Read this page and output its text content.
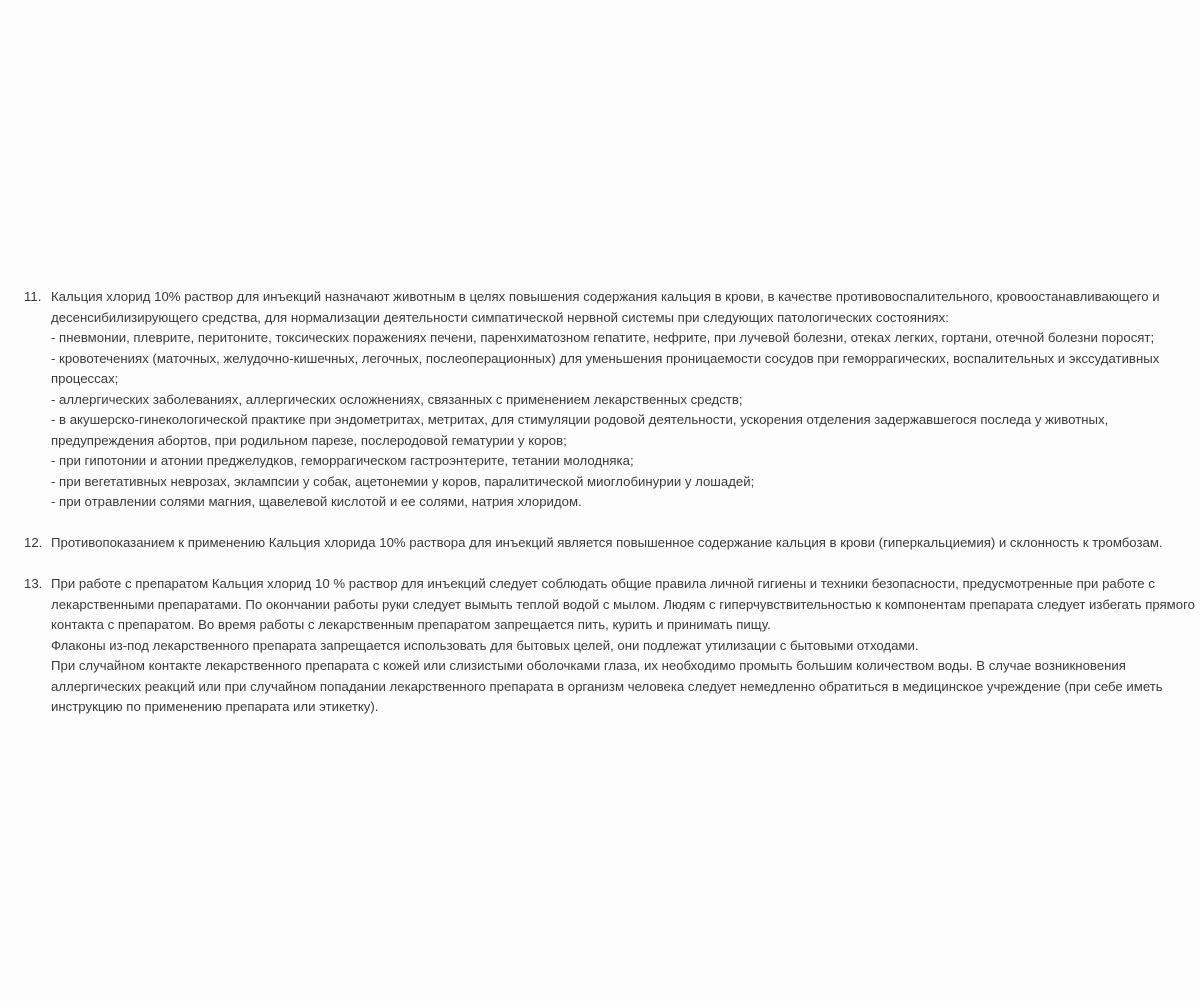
11. Кальция хлорид 10% раствор для инъекций назначают животным в целях повышения содержания кальция в крови, в качестве противовоспалительного, кровоостанавливающего и
десенсибилизирующего средства, для нормализации деятельности симпатической нервной системы при следующих патологических состояниях:
- пневмонии, плеврите, перитоните, токсических поражениях печени, паренхиматозном гепатите, нефрите, при лучевой болезни, отеках легких, гортани, отечной болезни поросят;
- кровотечениях (маточных, желудочно-кишечных, легочных, послеоперационных) для уменьшения проницаемости сосудов при геморрагических, воспалительных и экссудативных
процессах;
- аллергических заболеваниях, аллергических осложнениях, связанных с применением лекарственных средств;
- в акушерско-гинекологической практике при эндометритах, метритах, для стимуляции родовой деятельности, ускорения отделения задержавшегося последа у животных,
предупреждения абортов, при родильном парезе, послеродовой гематурии у коров;
- при гипотонии и атонии преджелудков, геморрагическом гастроэнтерите, тетании молодняка;
- при вегетативных неврозах, эклампсии у собак, ацетонемии у коров, паралитической миоглобинурии у лошадей;
- при отравлении солями магния, щавелевой кислотой и ее солями, натрия хлоридом.
12. Противопоказанием к применению Кальция хлорида 10% раствора для инъекций является повышенное содержание кальция в крови (гиперкальциемия) и склонность к тромбозам.
13. При работе с препаратом Кальция хлорид 10 % раствор для инъекций следует соблюдать общие правила личной гигиены и техники безопасности, предусмотренные при работе с
лекарственными препаратами. По окончании работы руки следует вымыть теплой водой с мылом. Людям с гиперчувствительностью к компонентам препарата следует избегать прямого
контакта с препаратом. Во время работы с лекарственным препаратом запрещается пить, курить и принимать пищу.
Флаконы из-под лекарственного препарата запрещается использовать для бытовых целей, они подлежат утилизации с бытовыми отходами.
При случайном контакте лекарственного препарата с кожей или слизистыми оболочками глаза, их необходимо промыть большим количеством воды. В случае возникновения
аллергических реакций или при случайном попадании лекарственного препарата в организм человека следует немедленно обратиться в медицинское учреждение (при себе иметь
инструкцию по применению препарата или этикетку).
